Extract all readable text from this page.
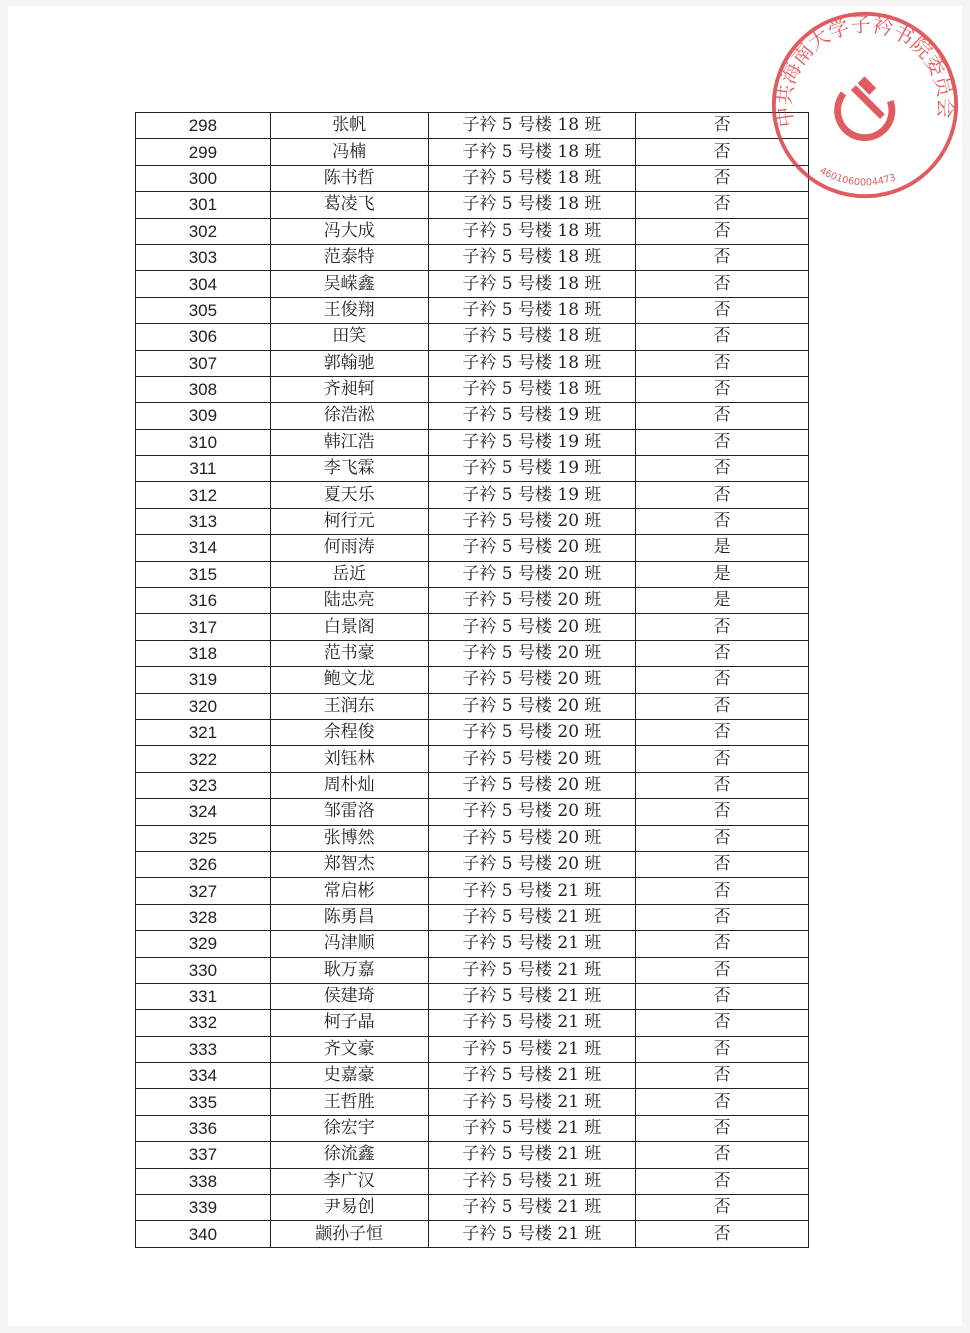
298	张帆	子衿 5 号楼 18 班	否
299	冯楠	子衿 5 号楼 18 班	否
300	陈书哲	子衿 5 号楼 18 班	否
301	葛凌飞	子衿 5 号楼 18 班	否
302	冯大成	子衿 5 号楼 18 班	否
303	范泰特	子衿 5 号楼 18 班	否
304	吴嵘鑫	子衿 5 号楼 18 班	否
305	王俊翔	子衿 5 号楼 18 班	否
306	田笑	子衿 5 号楼 18 班	否
307	郭翰驰	子衿 5 号楼 18 班	否
308	齐昶轲	子衿 5 号楼 18 班	否
309	徐浩淞	子衿 5 号楼 19 班	否
310	韩江浩	子衿 5 号楼 19 班	否
311	李飞霖	子衿 5 号楼 19 班	否
312	夏天乐	子衿 5 号楼 19 班	否
313	柯行元	子衿 5 号楼 20 班	否
314	何雨涛	子衿 5 号楼 20 班	是
315	岳近	子衿 5 号楼 20 班	是
316	陆忠亮	子衿 5 号楼 20 班	是
317	白景阁	子衿 5 号楼 20 班	否
318	范书豪	子衿 5 号楼 20 班	否
319	鲍文龙	子衿 5 号楼 20 班	否
320	王润东	子衿 5 号楼 20 班	否
321	余程俊	子衿 5 号楼 20 班	否
322	刘钰林	子衿 5 号楼 20 班	否
323	周朴灿	子衿 5 号楼 20 班	否
324	邹雷洛	子衿 5 号楼 20 班	否
325	张博然	子衿 5 号楼 20 班	否
326	郑智杰	子衿 5 号楼 20 班	否
327	常启彬	子衿 5 号楼 21 班	否
328	陈勇昌	子衿 5 号楼 21 班	否
329	冯津顺	子衿 5 号楼 21 班	否
330	耿万嘉	子衿 5 号楼 21 班	否
331	侯建琦	子衿 5 号楼 21 班	否
332	柯子晶	子衿 5 号楼 21 班	否
333	齐文豪	子衿 5 号楼 21 班	否
334	史嘉豪	子衿 5 号楼 21 班	否
335	王哲胜	子衿 5 号楼 21 班	否
336	徐宏宇	子衿 5 号楼 21 班	否
337	徐流鑫	子衿 5 号楼 21 班	否
338	李广汉	子衿 5 号楼 21 班	否
339	尹易创	子衿 5 号楼 21 班	否
340	颛孙子恒	子衿 5 号楼 21 班	否
中共海南大学子衿书院委员会
4601060004473
